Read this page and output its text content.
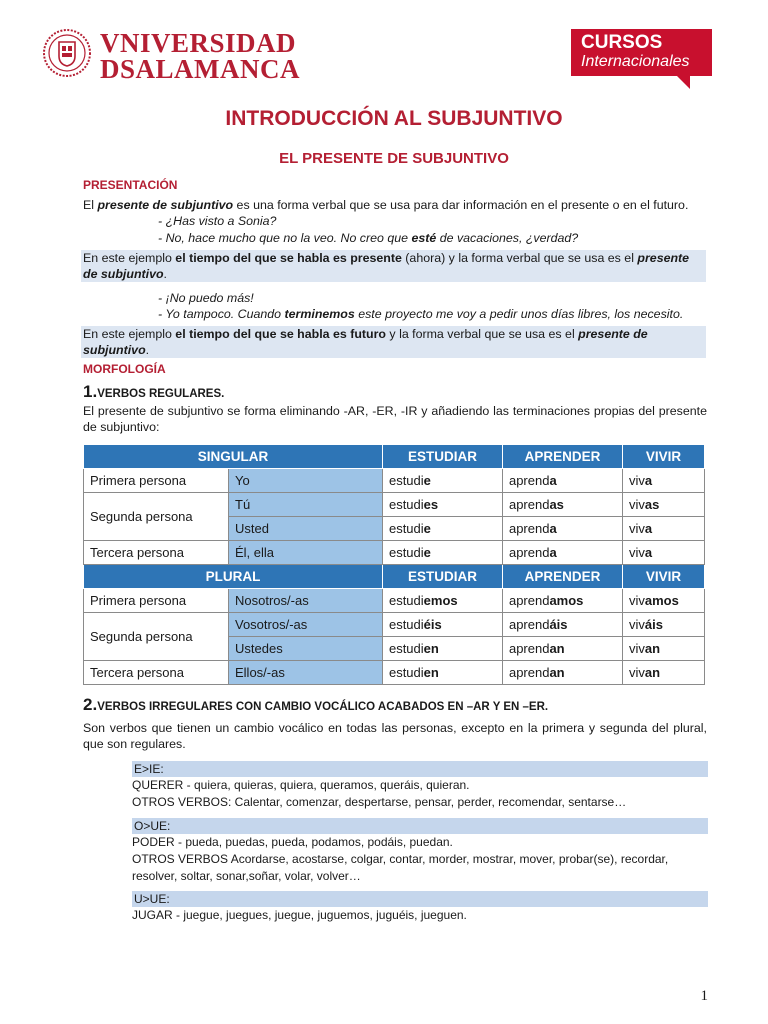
VNIVERSIDAD
DSALAMANCA
CURSOS
Internacionales
INTRODUCCIÓN AL SUBJUNTIVO
EL PRESENTE DE SUBJUNTIVO
PRESENTACIÓN
El presente de subjuntivo es una forma verbal que se usa para dar información en el presente o en el futuro.
- ¿Has visto a Sonia?
- No, hace mucho que no la veo. No creo que esté de vacaciones, ¿verdad?
En este ejemplo el tiempo del que se habla es presente (ahora) y la forma verbal que se usa es el presente de subjuntivo.
- ¡No puedo más!
- Yo tampoco. Cuando terminemos este proyecto me voy a pedir unos días libres, los necesito.
En este ejemplo el tiempo del que se habla es futuro y la forma verbal que se usa es el presente de subjuntivo.
MORFOLOGÍA
1.VERBOS REGULARES.
El presente de subjuntivo se forma eliminando -AR, -ER, -IR y añadiendo las terminaciones propias del presente de subjuntivo:
SINGULAR		ESTUDIAR	APRENDER	VIVIR
Primera persona	Yo	estudie	aprenda	viva
Segunda persona	Tú	estudies	aprendas	vivas
	Usted	estudie	aprenda	viva
Tercera persona	Él, ella	estudie	aprenda	viva
PLURAL		ESTUDIAR	APRENDER	VIVIR
Primera persona	Nosotros/-as	estudiemos	aprendamos	vivamos
Segunda persona	Vosotros/-as	estudiéis	aprendáis	viváis
	Ustedes	estudien	aprendan	vivan
Tercera persona	Ellos/-as	estudien	aprendan	vivan
2.VERBOS IRREGULARES CON CAMBIO VOCÁLICO ACABADOS EN –AR Y EN –ER.
Son verbos que tienen un cambio vocálico en todas las personas, excepto en la primera y segunda del plural, que son regulares.
E>IE:
QUERER - quiera, quieras, quiera, queramos, queráis, quieran.
OTROS VERBOS: Calentar, comenzar, despertarse, pensar, perder, recomendar, sentarse…
O>UE:
PODER - pueda, puedas, pueda, podamos, podáis, puedan.
OTROS VERBOS Acordarse, acostarse, colgar, contar, morder, mostrar, mover, probar(se), recordar, resolver, soltar, sonar,soñar, volar, volver…
U>UE:
JUGAR - juegue, juegues, juegue, juguemos, juguéis, jueguen.
1
